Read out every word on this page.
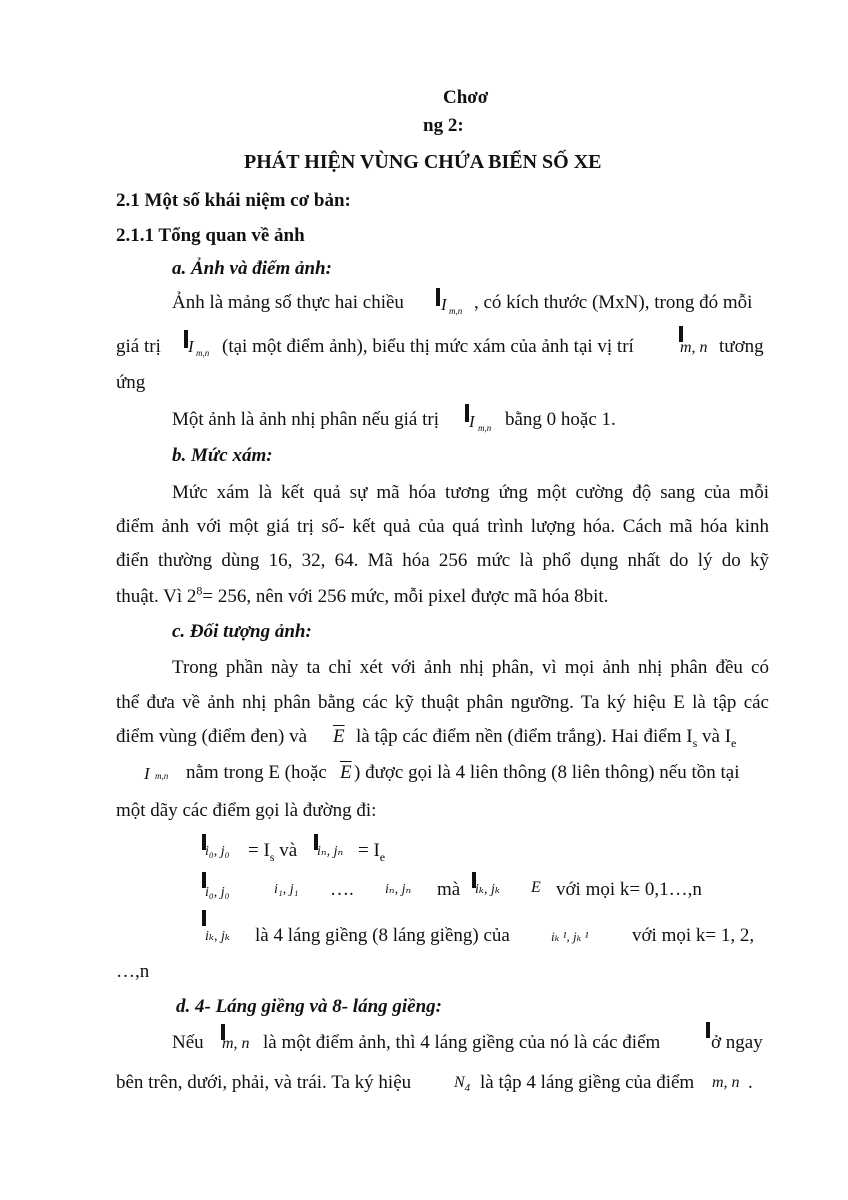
Chơơ
ng 2:
PHÁT HIỆN VÙNG CHỨA BIỂN SỐ XE
2.1 Một số khái niệm cơ bản:
2.1.1 Tổng quan về ảnh
a. Ảnh và điểm ảnh:
Ảnh là mảng số thực hai chiều I m,n , có kích thước (MxN), trong đó mỗi
giá trị I m,n (tại một điểm ảnh), biểu thị mức xám của ảnh tại vị trí	m, n tương
ứng
Một ảnh là ảnh nhị phân nếu giá trị I m,n bằng 0 hoặc 1.
b. Mức xám:
Mức xám là kết quả sự mã hóa tương ứng một cường độ sang của mỗi
điểm ảnh với một giá trị số- kết quả của quá trình lượng hóa. Cách mã hóa kinh
điển thường dùng 16, 32, 64. Mã hóa 256 mức là phổ dụng nhất do lý do kỹ
thuật. Vì $2^8= 256$, nên với 256 mức, mỗi pixel được mã hóa 8bit.
c. Đối tượng ảnh:
Trong phần này ta chỉ xét với ảnh nhị phân, vì mọi ảnh nhị phân đều có
thể đưa về ảnh nhị phân bằng các kỹ thuật phân ngưỡng. Ta ký hiệu E là tập các
điểm vùng (điểm đen) và $\overline{E}$ là tập các điểm nền (điểm trắng). Hai điểm $I_s$ và $I_e$
I m,n nằm trong E (hoặc $\overline{E}$ ) được gọi là 4 liên thông (8 liên thông) nếu tồn tại
một dãy các điểm gọi là đường đi:
i₀, $j_0 = I_s$ và iₙ, $j_n = I_e$
i₀, j₀	i₁, j₁ …. iₙ, jₙ mà iₖ, jₖ E với mọi k= 0,1…,n
iₖ, jₖ là 4 láng giềng (8 láng giềng) của	iₖ ¹, jₖ ¹ với mọi k= 1, 2,
…,n
d. 4- Láng giềng và 8- láng giềng:
Nếu m, n là một điểm ảnh, thì 4 láng giềng của nó là các điểm	ở ngay
bên trên, dưới, phải, và trái. Ta ký hiệu	$N_4$ là tập 4 láng giềng của điểm m, n .
